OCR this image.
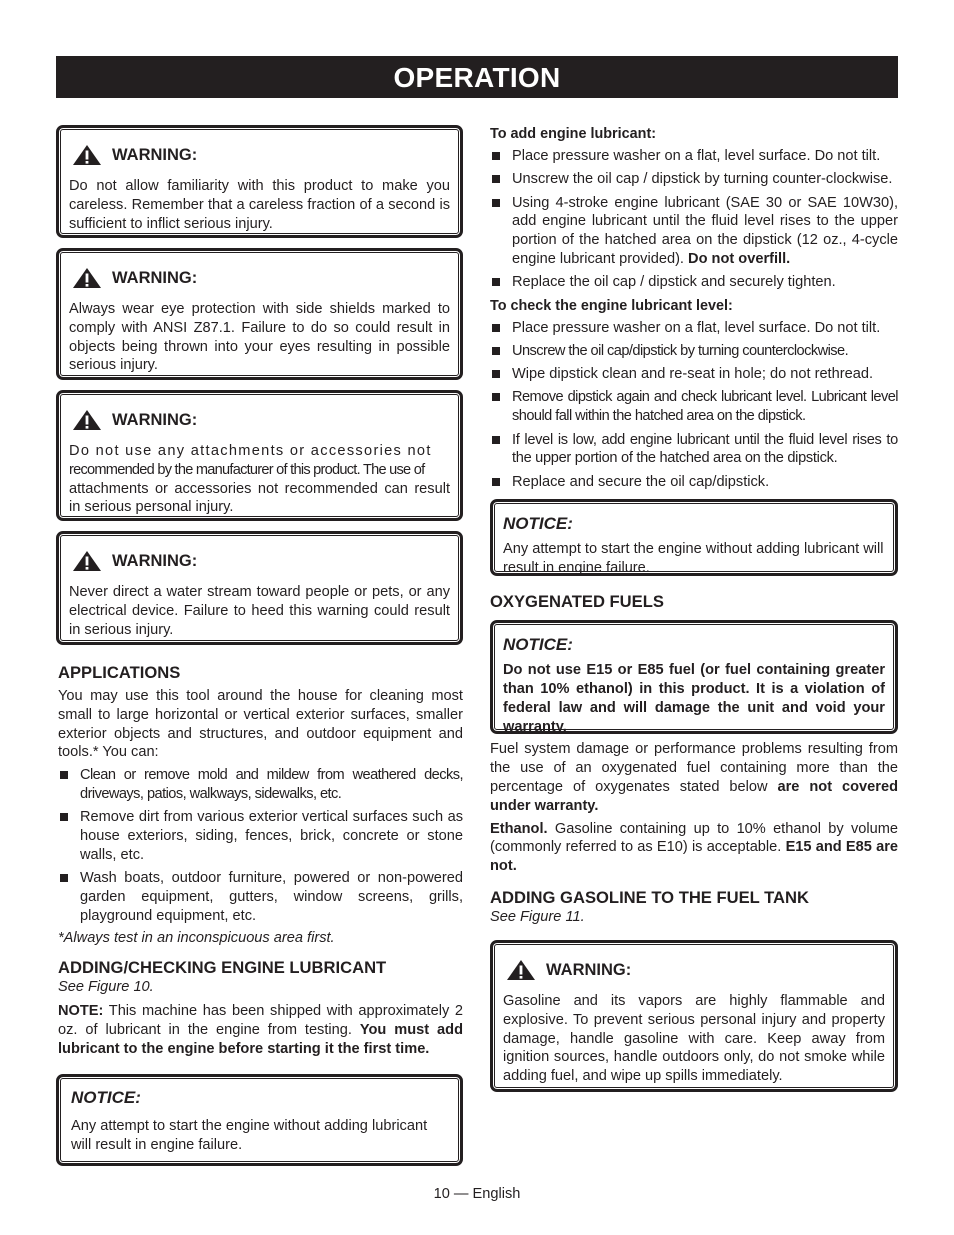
OPERATION
WARNING:

Do not allow familiarity with this product to make you careless. Remember that a careless fraction of a second is sufficient to inflict serious injury.

WARNING:

Always wear eye protection with side shields marked to comply with ANSI Z87.1. Failure to do so could result in objects being thrown into your eyes resulting in possible serious injury.

WARNING:

Do not use any attachments or accessories not
recommended by the manufacturer of this product. The use of
attachments or accessories not recommended can result in serious personal injury.

WARNING:

Never direct a water stream toward people or pets, or any electrical device. Failure to heed this warning could result in serious injury.

APPLICATIONS

You may use this tool around the house for cleaning most small to large horizontal or vertical exterior surfaces, smaller exterior objects and structures, and outdoor equipment and tools.* You can:

Clean or remove mold and mildew from weathered decks, driveways, patios, walkways, sidewalks, etc.
Remove dirt from various exterior vertical surfaces such as house exteriors, siding, fences, brick, concrete or stone walls, etc.
Wash boats, outdoor furniture, powered or non-powered garden equipment, gutters, window screens, grills, playground equipment, etc.

*Always test in an inconspicuous area first.

ADDING/CHECKING ENGINE LUBRICANT

See Figure 10.

NOTE: This machine has been shipped with approximately 2 oz. of lubricant in the engine from testing. You must add lubricant to the engine before starting it the first time.

NOTICE:

Any attempt to start the engine without adding lubricant will result in engine failure.

To add engine lubricant:

Place pressure washer on a flat, level surface. Do not tilt.
Unscrew the oil cap / dipstick by turning counter-clockwise.
Using 4-stroke engine lubricant (SAE 30 or SAE 10W30), add engine lubricant until the fluid level rises to the upper portion of the hatched area on the dipstick (12 oz., 4-cycle engine lubricant provided). Do not overfill.
Replace the oil cap / dipstick and securely tighten.

To check the engine lubricant level:

Place pressure washer on a flat, level surface. Do not tilt.
Unscrew the oil cap/dipstick by turning counterclockwise.
Wipe dipstick clean and re-seat in hole; do not rethread.
Remove dipstick again and check lubricant level. Lubricant level should fall within the hatched area on the dipstick.
If level is low, add engine lubricant until the fluid level rises to the upper portion of the hatched area on the dipstick.
Replace and secure the oil cap/dipstick.
NOTICE:

Any attempt to start the engine without adding lubricant will result in engine failure.

OXYGENATED FUELS
NOTICE:

Do not use E15 or E85 fuel (or fuel containing greater than 10% ethanol) in this product. It is a violation of federal law and will damage the unit and void your warranty.

Fuel system damage or performance problems resulting from the use of an oxygenated fuel containing more than the percentage of oxygenates stated below are not covered under warranty.

Ethanol. Gasoline containing up to 10% ethanol by volume (commonly referred to as E10) is acceptable. E15 and E85 are not.

ADDING GASOLINE TO THE FUEL TANK

See Figure 11.

WARNING:

Gasoline and its vapors are highly flammable and explosive. To prevent serious personal injury and property damage, handle gasoline with care. Keep away from ignition sources, handle outdoors only, do not smoke while adding fuel, and wipe up spills immediately.

10 — English
